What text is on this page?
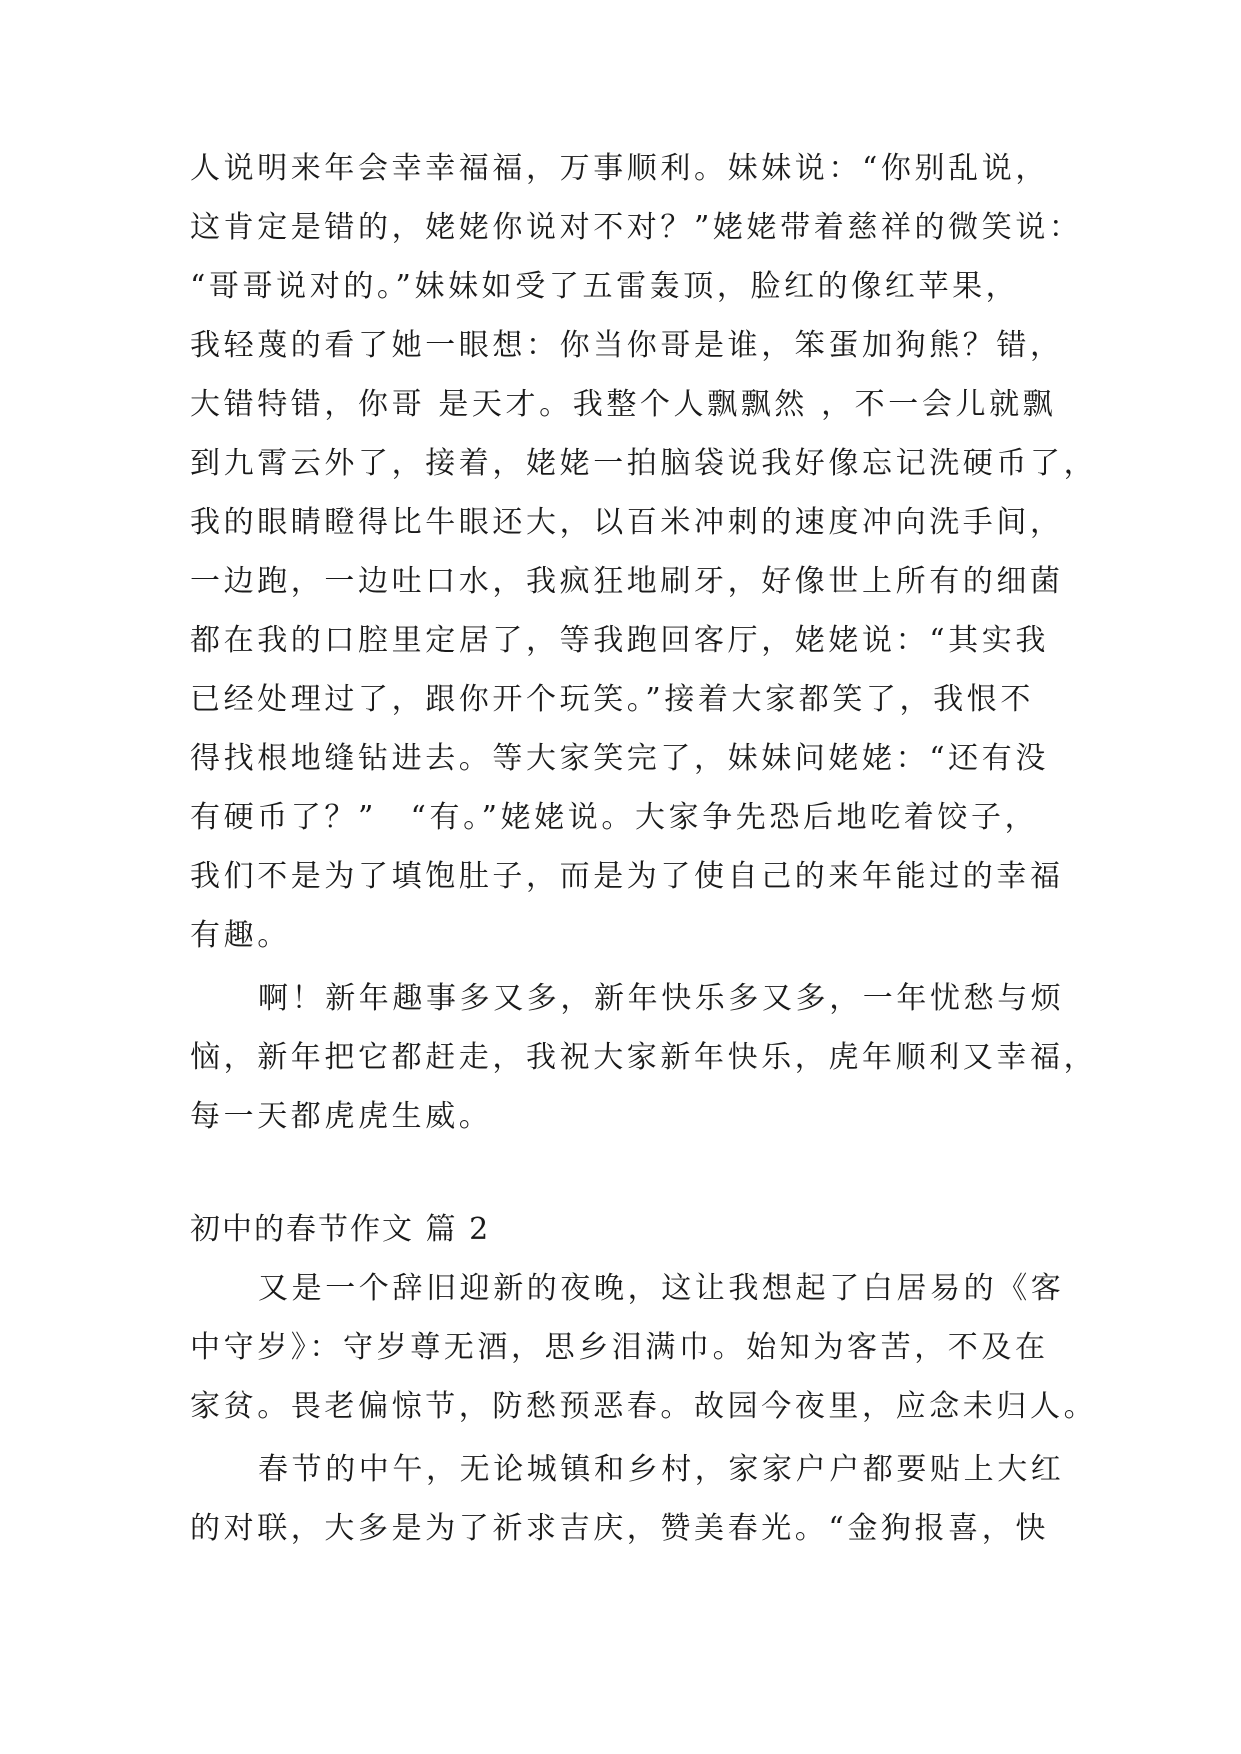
人说明来年会幸幸福福，万事顺利。妹妹说：“你别乱说，
这肯定是错的，姥姥你说对不对？”姥姥带着慈祥的微笑说：
“哥哥说对的。”妹妹如受了五雷轰顶，脸红的像红苹果，
我轻蔑的看了她一眼想：你当你哥是谁，笨蛋加狗熊？错，
大错特错，你哥 是天才。我整个人飘飘然 ，不一会儿就飘
到九霄云外了，接着，姥姥一拍脑袋说我好像忘记洗硬币了，
我的眼睛瞪得比牛眼还大，以百米冲刺的速度冲向洗手间，
一边跑，一边吐口水，我疯狂地刷牙，好像世上所有的细菌
都在我的口腔里定居了，等我跑回客厅，姥姥说：“其实我
已经处理过了，跟你开个玩笑。”接着大家都笑了，我恨不
得找根地缝钻进去。等大家笑完了，妹妹问姥姥：“还有没
有硬币了？”　“有。”姥姥说。大家争先恐后地吃着饺子，
我们不是为了填饱肚子，而是为了使自己的来年能过的幸福
有趣。
啊！新年趣事多又多，新年快乐多又多，一年忧愁与烦
恼，新年把它都赶走，我祝大家新年快乐，虎年顺利又幸福，
每一天都虎虎生威。
初中的春节作文 篇 2
又是一个辞旧迎新的夜晚，这让我想起了白居易的《客
中守岁》：守岁尊无酒，思乡泪满巾。始知为客苦，不及在
家贫。畏老偏惊节，防愁预恶春。故园今夜里，应念未归人。
春节的中午，无论城镇和乡村，家家户户都要贴上大红
的对联，大多是为了祈求吉庆，赞美春光。“金狗报喜，快
